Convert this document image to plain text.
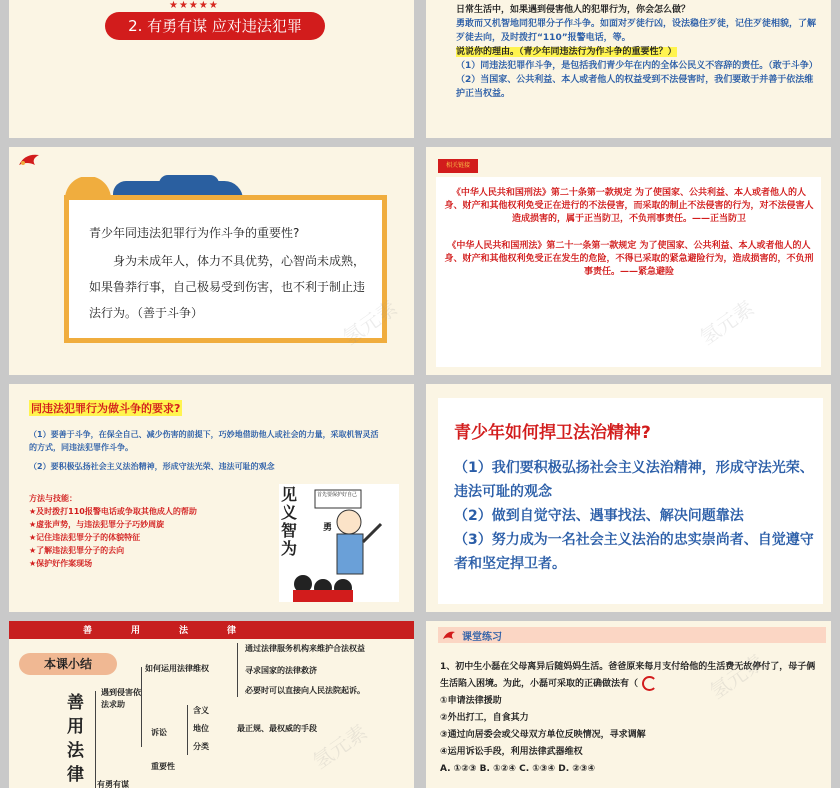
★★★★★
2. 有勇有谋 应对违法犯罪
日常生活中，如果遇到侵害他人的犯罪行为，你会怎么做？
勇敢而又机智地同犯罪分子作斗争。如面对歹徒行凶，设法稳住歹徒，记住歹徒相貌，了解歹徒去向，及时拨打“110”报警电话，等。
说说你的理由。（青少年同违法行为作斗争的重要性？）
（1）同违法犯罪作斗争，是包括我们青少年在内的全体公民义不容辞的责任。（敢于斗争）
（2）当国家、公共利益、本人或者他人的权益受到不法侵害时，我们要敢于并善于依法维护正当权益。
青少年同违法犯罪行为作斗争的重要性?
身为未成年人，体力不具优势，心智尚未成熟，如果鲁莽行事，自己极易受到伤害，也不利于制止违法行为。（善于斗争）	氢元素
相关链接
《中华人民共和国刑法》第二十条第一款规定 为了使国家、公共利益、本人或者他人的人身、财产和其他权利免受正在进行的不法侵害，而采取的制止不法侵害的行为，对不法侵害人造成损害的，属于正当防卫，不负刑事责任。——正当防卫
《中华人民共和国刑法》第二十一条第一款规定 为了使国家、公共利益、本人或者他人的人身、财产和其他权利免受正在发生的危险，不得已采取的紧急避险行为，造成损害的，不负刑事责任。——紧急避险
氢元素
同违法犯罪行为做斗争的要求?
（1）要善于斗争，在保全自己、减少伤害的前提下，巧妙地借助他人或社会的力量，采取机智灵活的方式，同违法犯罪作斗争。
（2）要积极弘扬社会主义法治精神，形成守法光荣、违法可耻的观念
方法与技能：
★及时拨打110报警电话或争取其他成人的帮助
★虚张声势，与违法犯罪分子巧妙周旋
★记住违法犯罪分子的体貌特征
★了解违法犯罪分子的去向
★保护好作案现场
见义智为
首先要保护好自己
勇
青少年如何捍卫法治精神?
（1）我们要积极弘扬社会主义法治精神，形成守法光荣、违法可耻的观念
（2）做到自觉守法、遇事找法、解决问题靠法
（3）努力成为一名社会主义法治的忠实崇尚者、自觉遵守者和坚定捍卫者。
善	用	法	律
本课小结
善用法律
遇到侵害依法求助
如何运用法律维权
通过法律服务机构来维护合法权益
寻求国家的法律救济
必要时可以直接向人民法院起诉。
诉讼
含义
地位
分类
最正规、最权威的手段
重要性
有勇有谋
氢元素
课堂练习
1、初中生小磊在父母离异后随妈妈生活。爸爸原来每月支付给他的生活费无故停付了，母子俩生活陷入困境。为此，小磊可采取的正确做法有（
①申请法律援助
②外出打工，自食其力
③通过向居委会或父母双方单位反映情况，寻求调解
④运用诉讼手段，利用法律武器维权
A. ①②③ B. ①②④ C. ①③④ D. ②③④
氢元素
